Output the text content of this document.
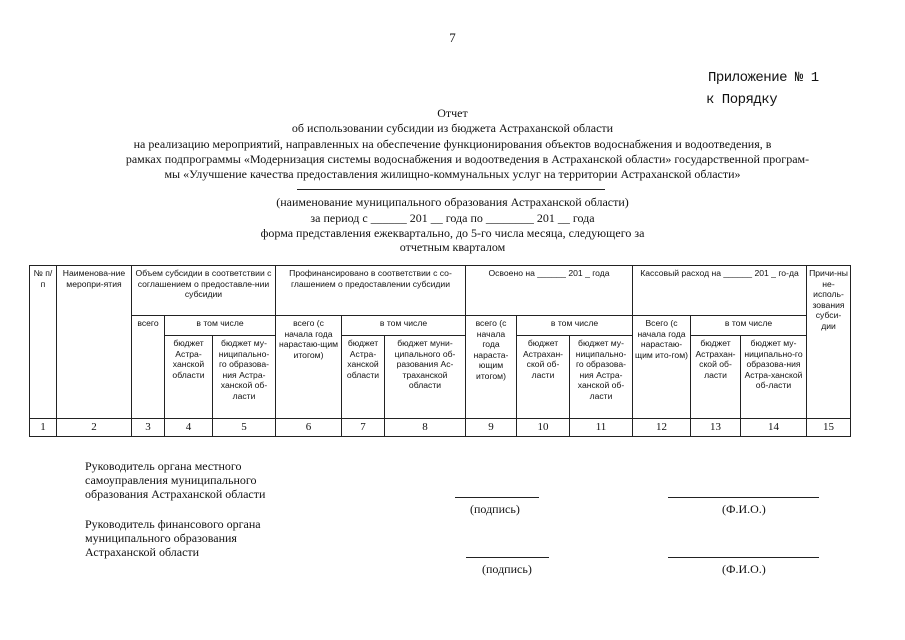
7
Приложение № 1
к Порядку
Отчет
об использовании субсидии из бюджета Астраханской области
на реализацию мероприятий, направленных на обеспечение функционирования объектов водоснабжения и водоотведения, в
рамках подпрограммы «Модернизация системы водоснабжения и водоотведения в Астраханской области» государственной програм-
мы «Улучшение качества предоставления жилищно-коммунальных услуг на территории Астраханской области»
(наименование муниципального образования Астраханской области)
за период с ______ 201 __ года по ________ 201 __ года
форма представления ежеквартально, до 5-го числа месяца, следующего за
отчетным кварталом
№ п/п	Наименова-ние меропри-ятия	Объем субсидии в соответствии с соглашением о предоставле-нии субсидии			Профинансировано в соответствии с со-глашением о предоставлении субсидии			Освоено на ______ 201 _ года			Кассовый расход на ______ 201 _ го-да			Причи-ны не-исполь-зования субси-дии
		всего	в том числе		всего (с начала года нарастаю-щим итогом)	в том числе		всего (с начала года нараста-ющим итогом)	в том числе		Всего (с начала года нарастаю-щим ито-гом)	в том числе		
			бюджет Астра-ханской области	бюджет му-ниципально-го образова-ния Астра-ханской об-ласти		бюджет Астра-ханской области	бюджет муни-ципального об-разования Ас-траханской области		бюджет Астрахан-ской об-ласти	бюджет му-ниципально-го образова-ния Астра-ханской об-ласти		бюджет Астрахан-ской об-ласти	бюджет му-ниципально-го образова-ния Астра-ханской об-ласти	
1	2	3	4	5	6	7	8	9	10	11	12	13	14	15
Руководитель органа местного
самоуправления муниципального
образования Астраханской области
(подпись)	(Ф.И.О.)
Руководитель финансового органа
муниципального образования
Астраханской области
(подпись)	(Ф.И.О.)
